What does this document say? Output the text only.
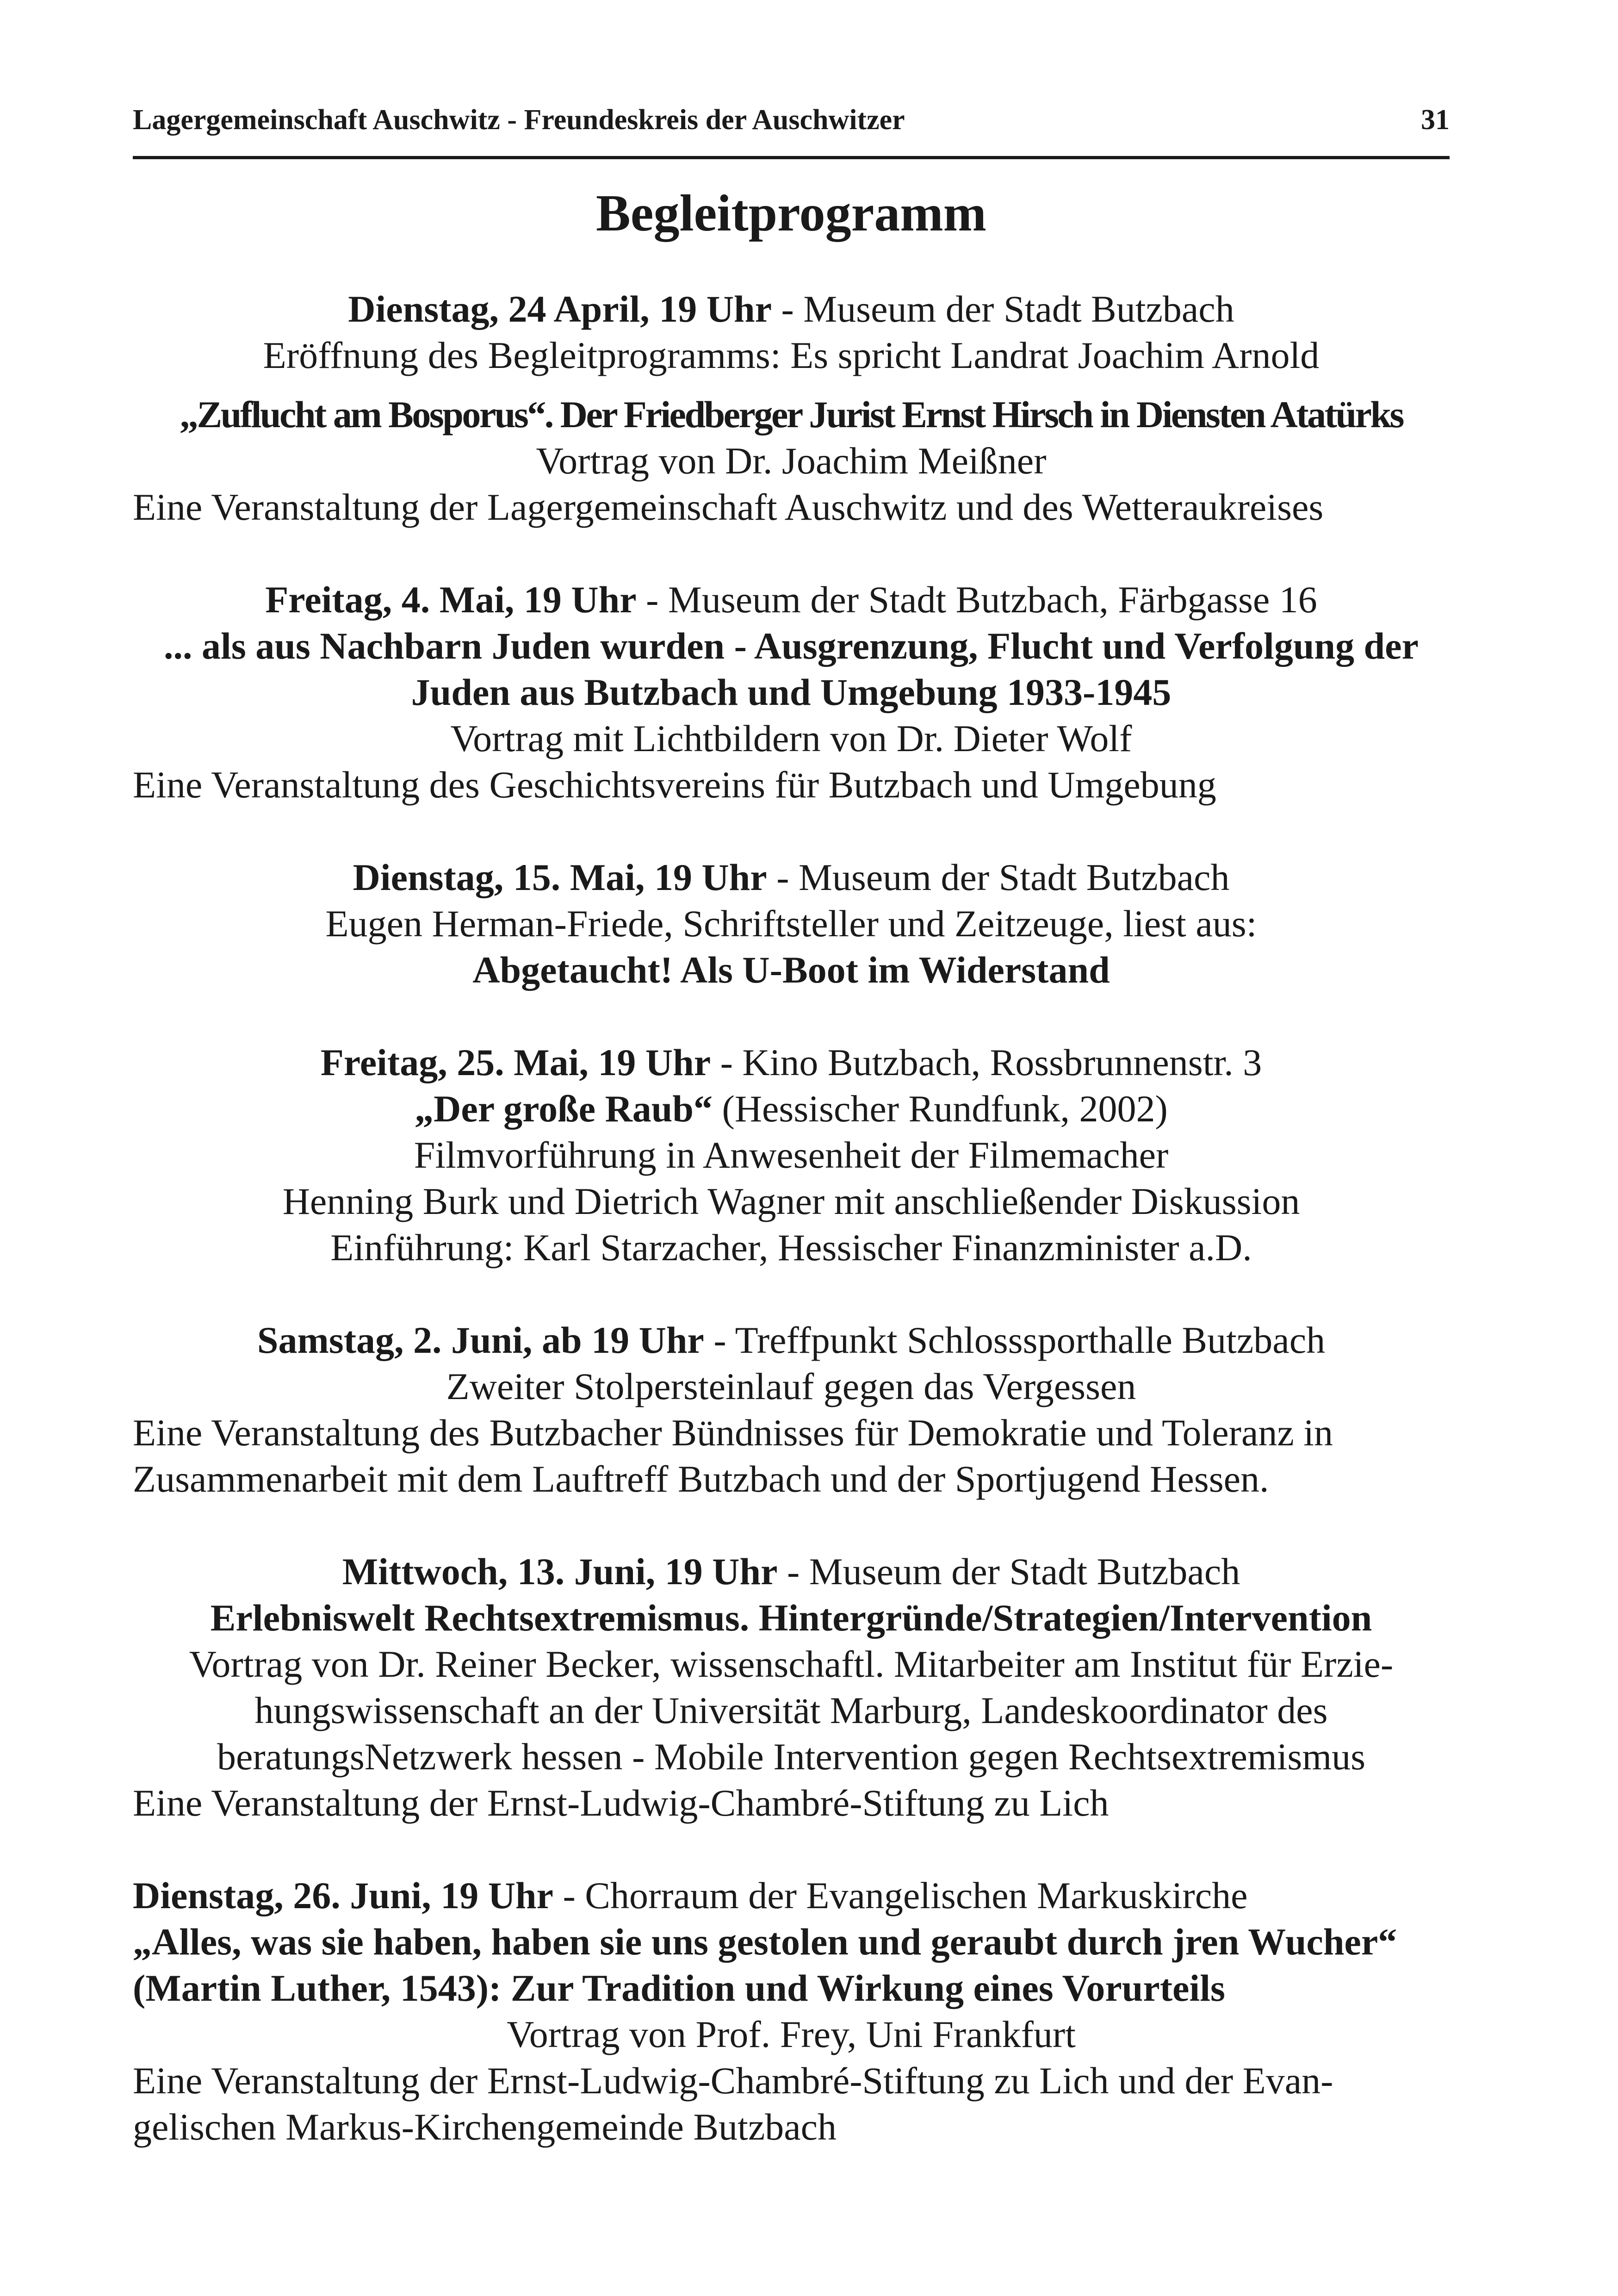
Lagergemeinschaft Auschwitz - Freundeskreis der Auschwitzer	31
Begleitprogramm
Dienstag, 24 April, 19 Uhr - Museum der Stadt Butzbach
Eröffnung des Begleitprogramms: Es spricht Landrat Joachim Arnold
„Zuflucht am Bosporus“. Der Friedberger Jurist Ernst Hirsch in Diensten Atatürks
Vortrag von Dr. Joachim Meißner
Eine Veranstaltung der Lagergemeinschaft Auschwitz und des Wetteraukreises
Freitag, 4. Mai, 19 Uhr - Museum der Stadt Butzbach, Färbgasse 16
... als aus Nachbarn Juden wurden - Ausgrenzung, Flucht und Verfolgung der
Juden aus Butzbach und Umgebung 1933-1945
Vortrag mit Lichtbildern von Dr. Dieter Wolf
Eine Veranstaltung des Geschichtsvereins für Butzbach und Umgebung
Dienstag, 15. Mai, 19 Uhr - Museum der Stadt Butzbach
Eugen Herman-Friede, Schriftsteller und Zeitzeuge, liest aus:
Abgetaucht! Als U-Boot im Widerstand
Freitag, 25. Mai, 19 Uhr - Kino Butzbach, Rossbrunnenstr. 3
„Der große Raub“ (Hessischer Rundfunk, 2002)
Filmvorführung in Anwesenheit der Filmemacher
Henning Burk und Dietrich Wagner mit anschließender Diskussion
Einführung: Karl Starzacher, Hessischer Finanzminister a.D.
Samstag, 2. Juni, ab 19 Uhr - Treffpunkt Schlosssporthalle Butzbach
Zweiter Stolpersteinlauf gegen das Vergessen
Eine Veranstaltung des Butzbacher Bündnisses für Demokratie und Toleranz in
Zusammenarbeit mit dem Lauftreff Butzbach und der Sportjugend Hessen.
Mittwoch, 13. Juni, 19 Uhr - Museum der Stadt Butzbach
Erlebniswelt Rechtsextremismus. Hintergründe/Strategien/Intervention
Vortrag von Dr. Reiner Becker, wissenschaftl. Mitarbeiter am Institut für Erzie-
hungswissenschaft an der Universität Marburg, Landeskoordinator des
beratungsNetzwerk hessen - Mobile Intervention gegen Rechtsextremismus
Eine Veranstaltung der Ernst-Ludwig-Chambré-Stiftung zu Lich
Dienstag, 26. Juni, 19 Uhr - Chorraum der Evangelischen Markuskirche
„Alles, was sie haben, haben sie uns gestolen und geraubt durch jren Wucher“
(Martin Luther, 1543): Zur Tradition und Wirkung eines Vorurteils
Vortrag von Prof. Frey, Uni Frankfurt
Eine Veranstaltung der Ernst-Ludwig-Chambré-Stiftung zu Lich und der Evan-
gelischen Markus-Kirchengemeinde Butzbach
